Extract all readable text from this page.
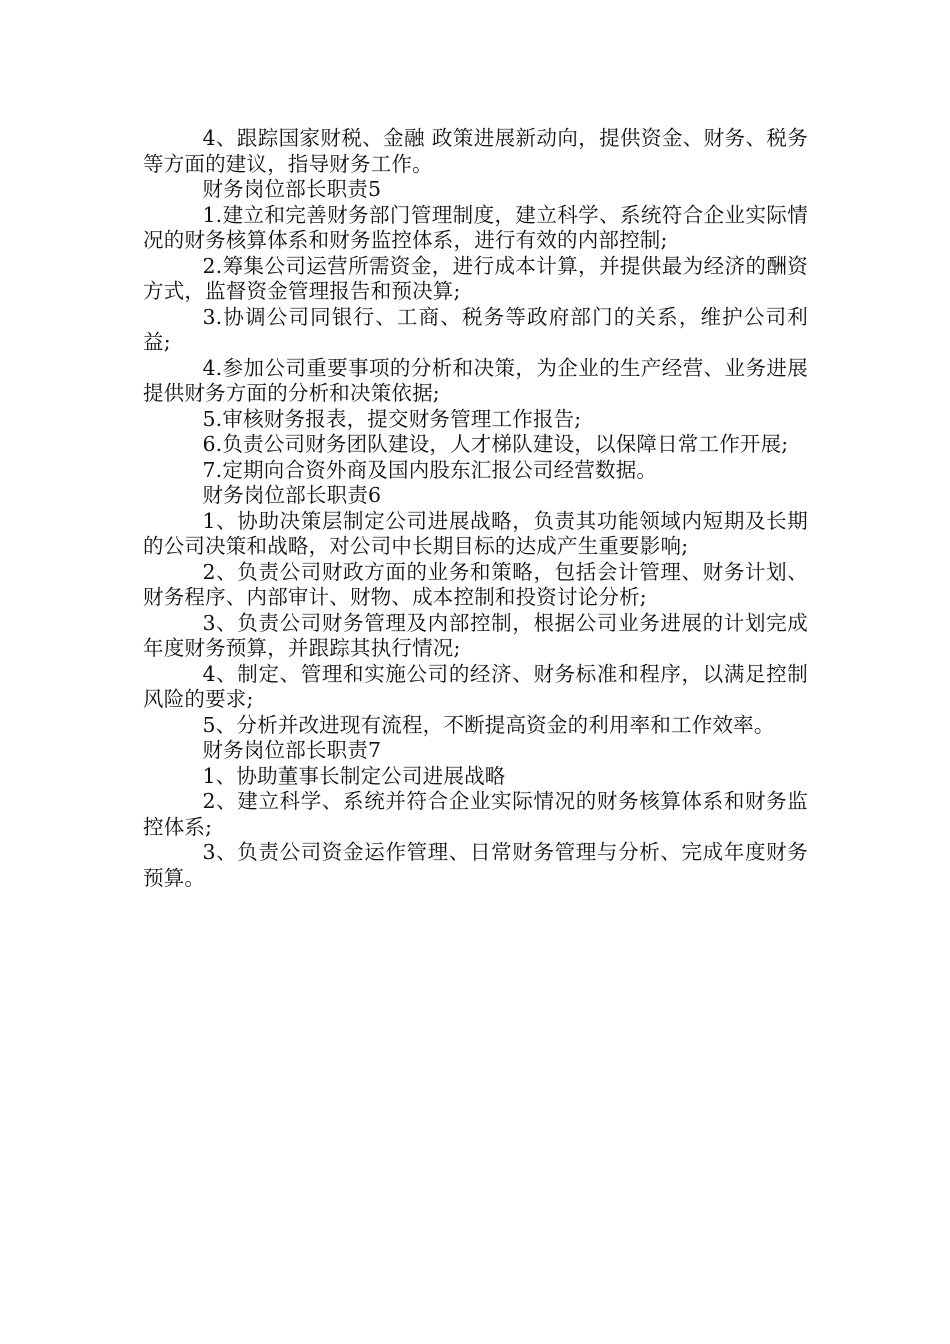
4、跟踪国家财税、金融 政策进展新动向，提供资金、财务、税务等方面的建议，指导财务工作。

财务岗位部长职责5

1.建立和完善财务部门管理制度，建立科学、系统符合企业实际情况的财务核算体系和财务监控体系，进行有效的内部控制;

2.筹集公司运营所需资金，进行成本计算，并提供最为经济的酬资方式，监督资金管理报告和预决算;

3.协调公司同银行、工商、税务等政府部门的关系，维护公司利益;

4.参加公司重要事项的分析和决策，为企业的生产经营、业务进展提供财务方面的分析和决策依据;

5.审核财务报表，提交财务管理工作报告;

6.负责公司财务团队建设，人才梯队建设，以保障日常工作开展;

7.定期向合资外商及国内股东汇报公司经营数据。

财务岗位部长职责6

1、协助决策层制定公司进展战略，负责其功能领域内短期及长期的公司决策和战略，对公司中长期目标的达成产生重要影响;

2、负责公司财政方面的业务和策略，包括会计管理、财务计划、财务程序、内部审计、财物、成本控制和投资讨论分析;

3、负责公司财务管理及内部控制，根据公司业务进展的计划完成年度财务预算，并跟踪其执行情况;

4、制定、管理和实施公司的经济、财务标准和程序，以满足控制风险的要求;

5、分析并改进现有流程，不断提高资金的利用率和工作效率。

财务岗位部长职责7

1、协助董事长制定公司进展战略

2、建立科学、系统并符合企业实际情况的财务核算体系和财务监控体系;

3、负责公司资金运作管理、日常财务管理与分析、完成年度财务预算。
